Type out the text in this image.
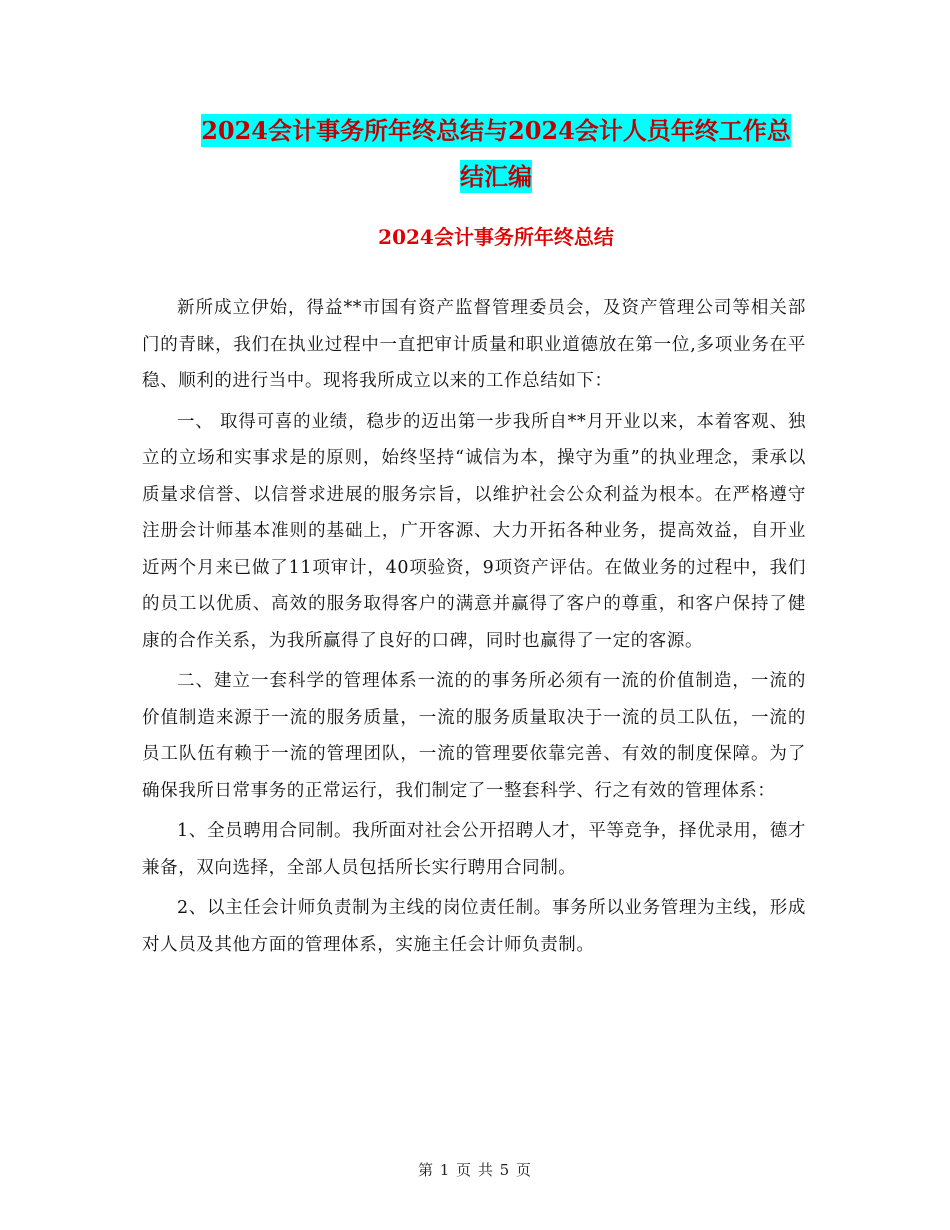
2024会计事务所年终总结与2024会计人员年终工作总
结汇编
2024会计事务所年终总结

新所成立伊始，得益**市国有资产监督管理委员会，及资产管理公司等相关部门的青睐，我们在执业过程中一直把审计质量和职业道德放在第一位,多项业务在平稳、顺利的进行当中。现将我所成立以来的工作总结如下：

一、 取得可喜的业绩，稳步的迈出第一步我所自**月开业以来，本着客观、独立的立场和实事求是的原则，始终坚持“诚信为本，操守为重”的执业理念，秉承以质量求信誉、以信誉求进展的服务宗旨，以维护社会公众利益为根本。在严格遵守注册会计师基本准则的基础上，广开客源、大力开拓各种业务，提高效益，自开业近两个月来已做了11项审计，40项验资，9项资产评估。在做业务的过程中，我们的员工以优质、高效的服务取得客户的满意并赢得了客户的尊重，和客户保持了健康的合作关系，为我所赢得了良好的口碑，同时也赢得了一定的客源。

二、建立一套科学的管理体系一流的的事务所必须有一流的价值制造，一流的价值制造来源于一流的服务质量，一流的服务质量取决于一流的员工队伍，一流的员工队伍有赖于一流的管理团队，一流的管理要依靠完善、有效的制度保障。为了确保我所日常事务的正常运行，我们制定了一整套科学、行之有效的管理体系：

1、全员聘用合同制。我所面对社会公开招聘人才，平等竞争，择优录用，德才兼备，双向选择，全部人员包括所长实行聘用合同制。

2、以主任会计师负责制为主线的岗位责任制。事务所以业务管理为主线，形成对人员及其他方面的管理体系，实施主任会计师负责制。

第 1 页 共 5 页
